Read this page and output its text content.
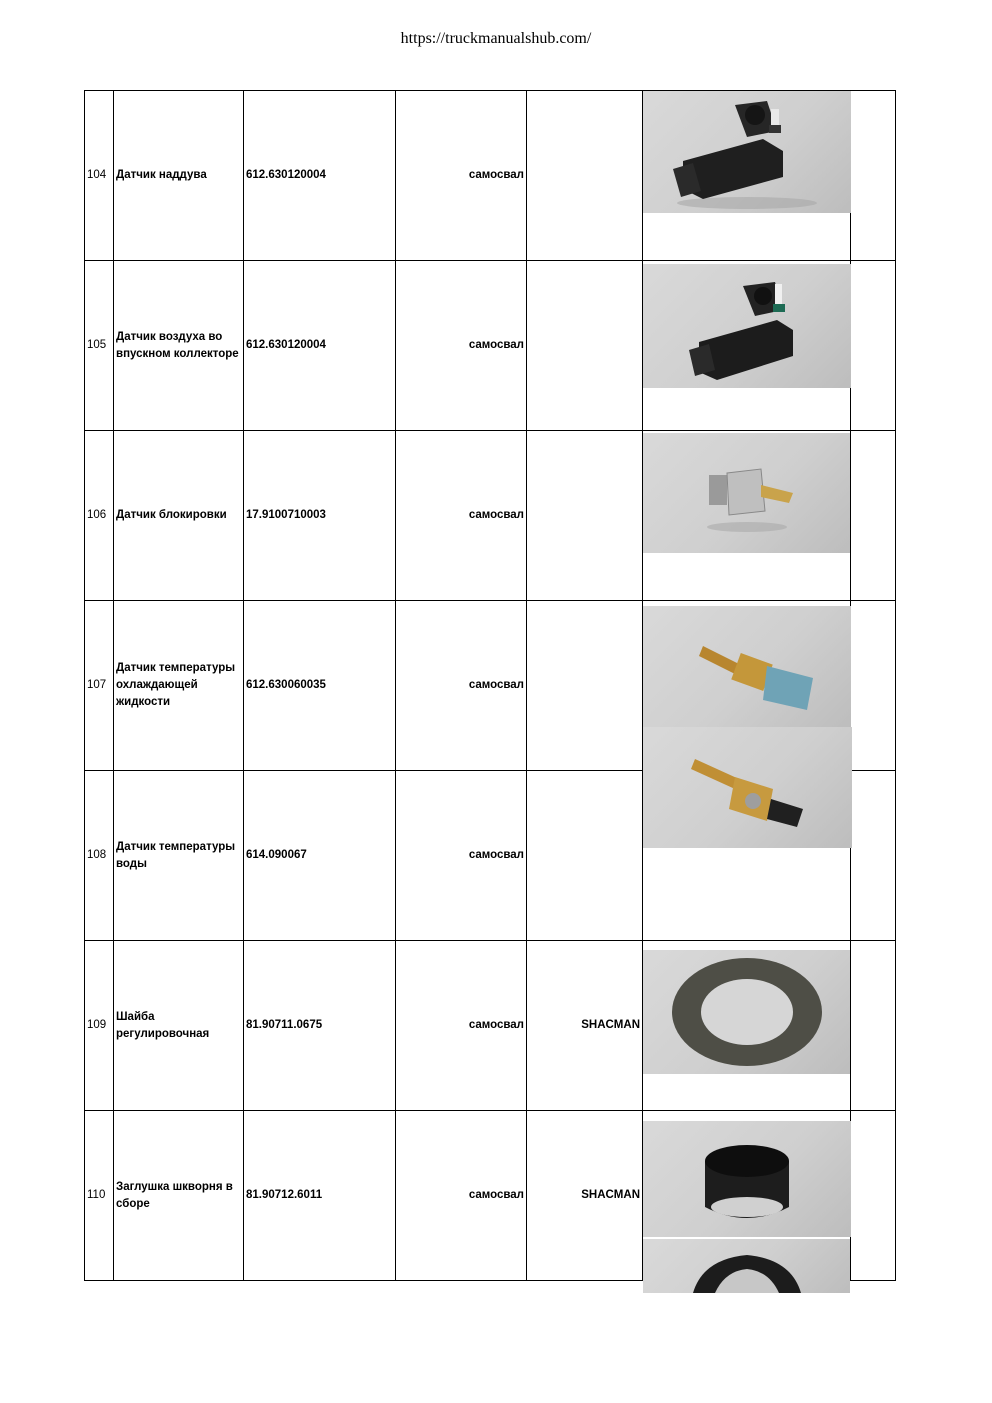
https://truckmanualshub.com/
104	Датчик наддува	612.630120004	самосвал			
105	Датчик воздуха во впускном коллекторе	612.630120004	самосвал			
106	Датчик блокировки	17.9100710003	самосвал			
107	Датчик температуры охлаждающей жидкости	612.630060035	самосвал			
108	Датчик температуры воды	614.090067	самосвал			
109	Шайба регулировочная	81.90711.0675	самосвал	SHACMAN		
110	Заглушка шкворня в сборе	81.90712.6011	самосвал	SHACMAN		
